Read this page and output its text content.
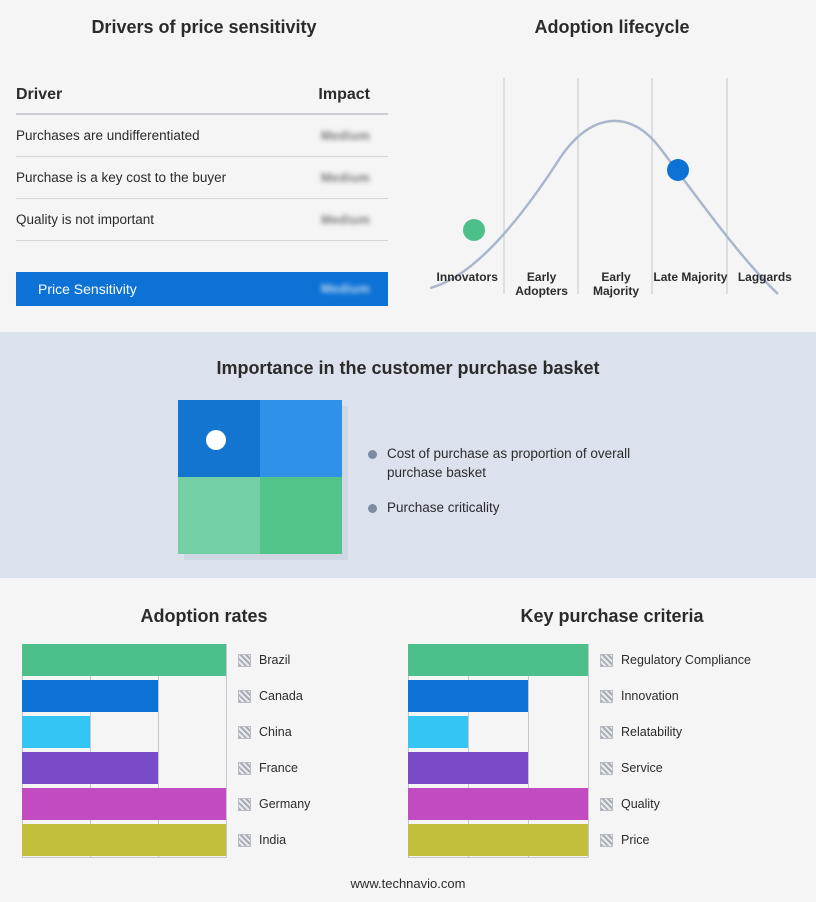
Drivers of price sensitivity
Driver	Impact
Purchases are undifferentiated	Medium
Purchase is a key cost to the buyer	Medium
Quality is not important	Medium
Price Sensitivity	Medium
Adoption lifecycle
Innovators	Early Adopters
Early Majority
Late Majority Laggards
Importance in the customer purchase basket
Cost of purchase as proportion of overall purchase basket
Purchase criticality
Adoption rates
Brazil
Canada
China
France
Germany
India
Key purchase criteria
Regulatory Compliance
Innovation
Relatability
Service
Quality
Price
www.technavio.com
